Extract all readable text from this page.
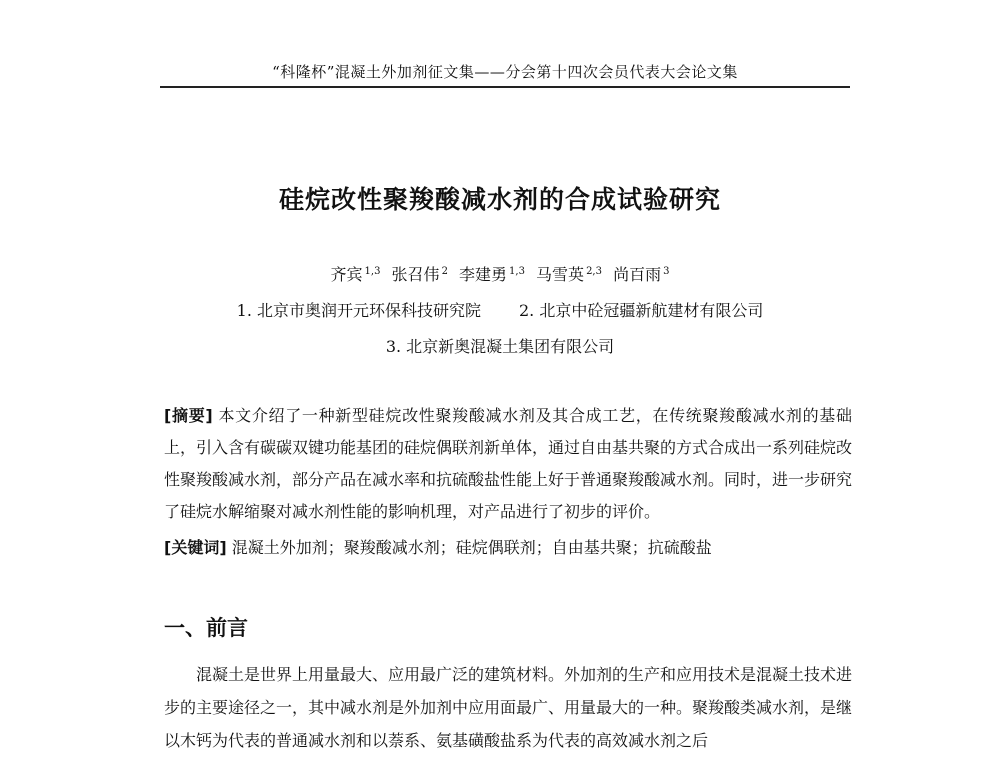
“科隆杯”混凝土外加剂征文集——分会第十四次会员代表大会论文集
硅烷改性聚羧酸减水剂的合成试验研究
齐宾 $^{1,3}$ 张召伟 $^2$ 李建勇 $^{1,3}$ 马雪英 $^{2,3}$ 尚百雨 $^3$
1. 北京市奥润开元环保科技研究院 2. 北京中砼冠疆新航建材有限公司
3. 北京新奥混凝土集团有限公司
[摘要] 本文介绍了一种新型硅烷改性聚羧酸减水剂及其合成工艺，在传统聚羧酸减水剂的基础上，引入含有碳碳双键功能基团的硅烷偶联剂新单体，通过自由基共聚的方式合成出一系列硅烷改性聚羧酸减水剂，部分产品在减水率和抗硫酸盐性能上好于普通聚羧酸减水剂。同时，进一步研究了硅烷水解缩聚对减水剂性能的影响机理，对产品进行了初步的评价。
[关键词] 混凝土外加剂；聚羧酸减水剂；硅烷偶联剂；自由基共聚；抗硫酸盐
一、前言
混凝土是世界上用量最大、应用最广泛的建筑材料。外加剂的生产和应用技术是混凝土技术进步的主要途径之一，其中减水剂是外加剂中应用面最广、用量最大的一种。聚羧酸类减水剂，是继以木钙为代表的普通减水剂和以萘系、氨基磺酸盐系为代表的高效减水剂之后
